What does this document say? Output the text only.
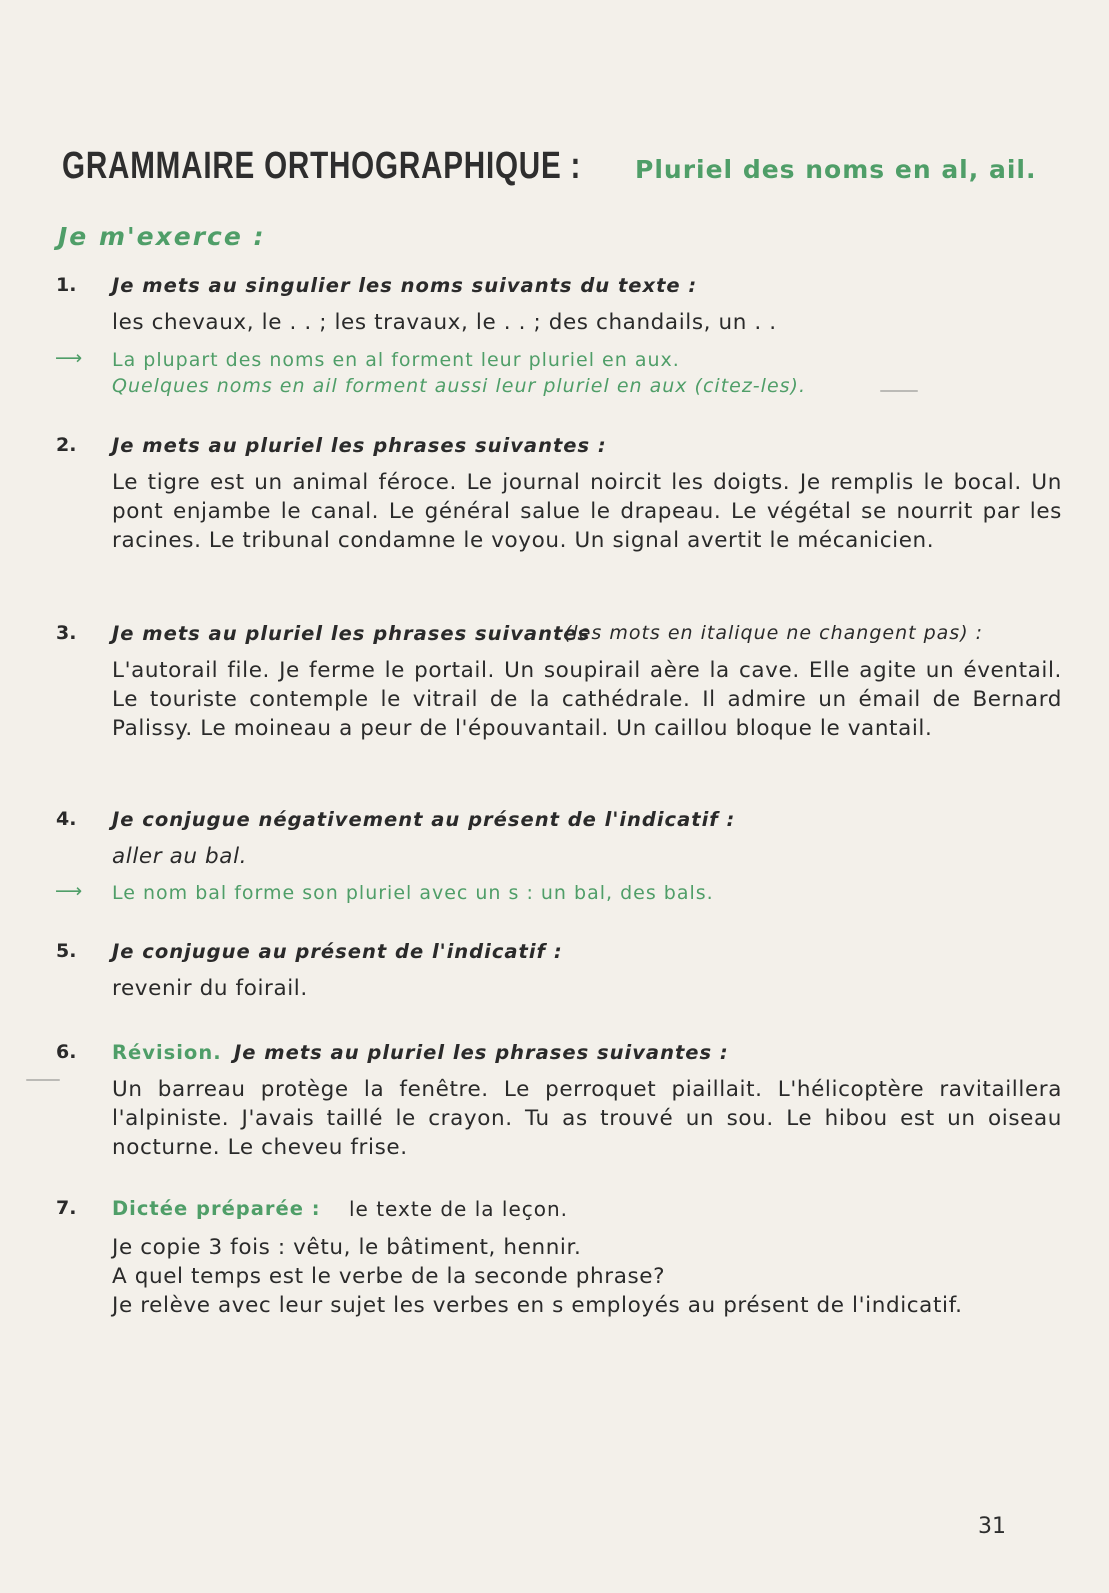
GRAMMAIRE ORTHOGRAPHIQUE : Pluriel des noms en al, ail.
Je m'exerce :
1. Je mets au singulier les noms suivants du texte :
les chevaux, le . . ; les travaux, le . . ; des chandails, un . .
⟶ La plupart des noms en al forment leur pluriel en aux.
Quelques noms en ail forment aussi leur pluriel en aux (citez-les).
2. Je mets au pluriel les phrases suivantes :
Le tigre est un animal féroce. Le journal noircit les doigts. Je remplis le bocal. Un pont enjambe le canal. Le général salue le drapeau. Le végétal se nourrit par les racines. Le tribunal condamne le voyou. Un signal avertit le mécanicien.
3. Je mets au pluriel les phrases suivantes
(les mots en italique ne changent pas) :
L'autorail file. Je ferme le portail. Un soupirail aère la cave. Elle agite un éventail. Le touriste contemple le vitrail de la cathédrale. Il admire un émail de Bernard Palissy. Le moineau a peur de l'épouvantail. Un caillou bloque le vantail.
4. Je conjugue négativement au présent de l'indicatif :
aller au bal.
⟶ Le nom bal forme son pluriel avec un s : un bal, des bals.
5. Je conjugue au présent de l'indicatif :
revenir du foirail.
6. Révision. Je mets au pluriel les phrases suivantes :
Un barreau protège la fenêtre. Le perroquet piaillait. L'hélicoptère ravitaillera l'alpiniste. J'avais taillé le crayon. Tu as trouvé un sou. Le hibou est un oiseau nocturne. Le cheveu frise.
7. Dictée préparée : le texte de la leçon.
Je copie 3 fois : vêtu, le bâtiment, hennir.
A quel temps est le verbe de la seconde phrase?
Je relève avec leur sujet les verbes en s employés au présent de l'indicatif.
31
